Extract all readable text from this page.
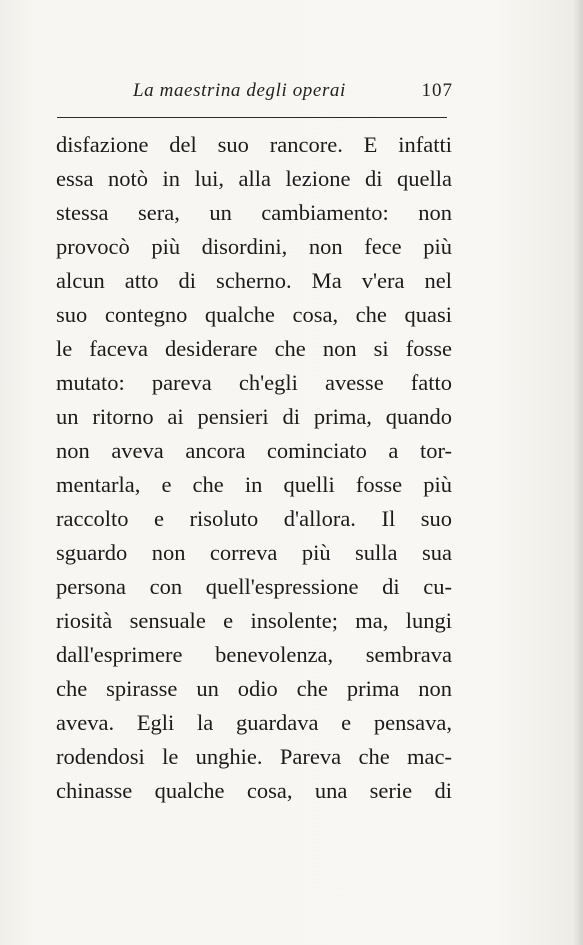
La maestrina degli operai	107
disfazione del suo rancore. E infatti
essa notò in lui, alla lezione di quella
stessa sera, un cambiamento: non
provocò più disordini, non fece più
alcun atto di scherno. Ma v'era nel
suo contegno qualche cosa, che quasi
le faceva desiderare che non si fosse
mutato: pareva ch'egli avesse fatto
un ritorno ai pensieri di prima, quando
non aveva ancora cominciato a tor-
mentarla, e che in quelli fosse più
raccolto e risoluto d'allora. Il suo
sguardo non correva più sulla sua
persona con quell'espressione di cu-
riosità sensuale e insolente; ma, lungi
dall'esprimere benevolenza, sembrava
che spirasse un odio che prima non
aveva. Egli la guardava e pensava,
rodendosi le unghie. Pareva che mac-
chinasse qualche cosa, una serie di
